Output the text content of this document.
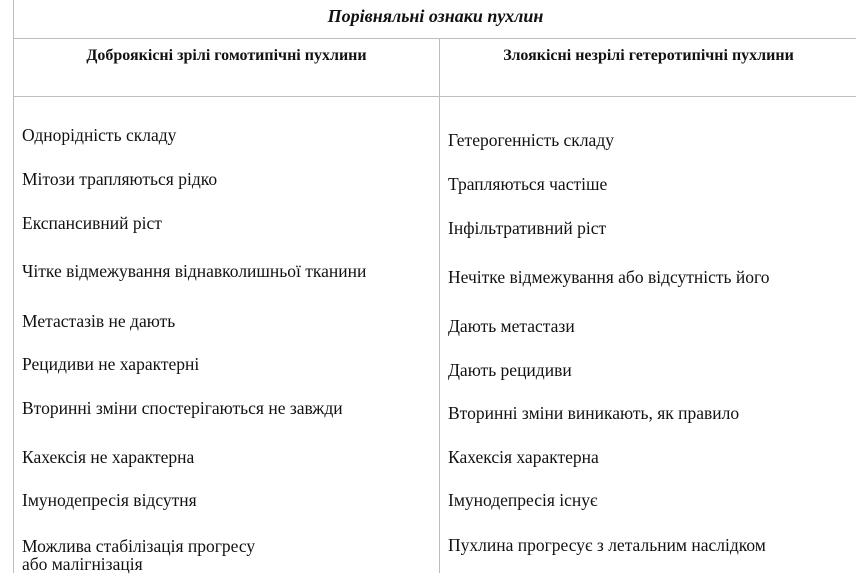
Порівняльні ознаки пухлин
Доброякісні зрілі гомотипічні пухлини	Злоякісні незрілі гетеротипічні пухлини
Однорідність складу
Мітози трапляються рідко
Експансивний ріст
Чітке відмежування віднавколишньої тканини
Метастазів не дають
Рецидиви не характерні
Вторинні зміни спостерігаються не завжди
Кахексія не характерна
Імунодепресія відсутня
Можлива стабілізація прогресу
або малігнізація
Гетерогенність складу
Трапляються частіше
Інфільтративний ріст
Нечітке відмежування або відсутність його
Дають метастази
Дають рецидиви
Вторинні зміни виникають, як правило
Кахексія характерна
Імунодепресія існує
Пухлина прогресує з летальним наслідком
